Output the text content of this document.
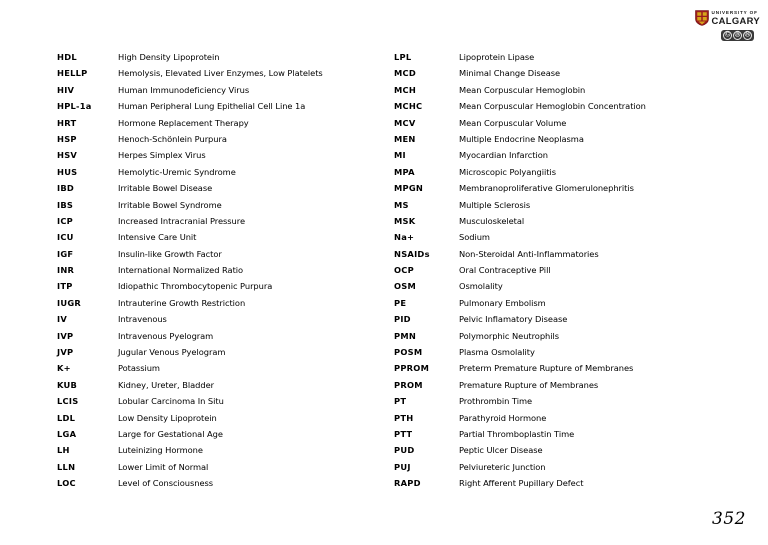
UNIVERSITY OF
CALGARY
Ⓒ Ⓑ Ⓝ
HDL	High Density Lipoprotein
HELLP	Hemolysis, Elevated Liver Enzymes, Low Platelets
HIV	Human Immunodeficiency Virus
HPL-1a	Human Peripheral Lung Epithelial Cell Line 1a
HRT	Hormone Replacement Therapy
HSP	Henoch-Schönlein Purpura
HSV	Herpes Simplex Virus
HUS	Hemolytic-Uremic Syndrome
IBD	Irritable Bowel Disease
IBS	Irritable Bowel Syndrome
ICP	Increased Intracranial Pressure
ICU	Intensive Care Unit
IGF	Insulin-like Growth Factor
INR	International Normalized Ratio
ITP	Idiopathic Thrombocytopenic Purpura
IUGR	Intrauterine Growth Restriction
IV	Intravenous
IVP	Intravenous Pyelogram
JVP	Jugular Venous Pyelogram
K+	Potassium
KUB	Kidney, Ureter, Bladder
LCIS	Lobular Carcinoma In Situ
LDL	Low Density Lipoprotein
LGA	Large for Gestational Age
LH	Luteinizing Hormone
LLN	Lower Limit of Normal
LOC	Level of Consciousness
LPL	Lipoprotein Lipase
MCD	Minimal Change Disease
MCH	Mean Corpuscular Hemoglobin
MCHC	Mean Corpuscular Hemoglobin Concentration
MCV	Mean Corpuscular Volume
MEN	Multiple Endocrine Neoplasma
MI	Myocardian Infarction
MPA	Microscopic Polyangiitis
MPGN	Membranoproliferative Glomerulonephritis
MS	Multiple Sclerosis
MSK	Musculoskeletal
Na+	Sodium
NSAIDs	Non-Steroidal Anti-Inflammatories
OCP	Oral Contraceptive Pill
OSM	Osmolality
PE	Pulmonary Embolism
PID	Pelvic Inflamatory Disease
PMN	Polymorphic Neutrophils
POSM	Plasma Osmolality
PPROM	Preterm Premature Rupture of Membranes
PROM	Premature Rupture of Membranes
PT	Prothrombin Time
PTH	Parathyroid Hormone
PTT	Partial Thromboplastin Time
PUD	Peptic Ulcer Disease
PUJ	Pelviureteric Junction
RAPD	Right Afferent Pupillary Defect
352
